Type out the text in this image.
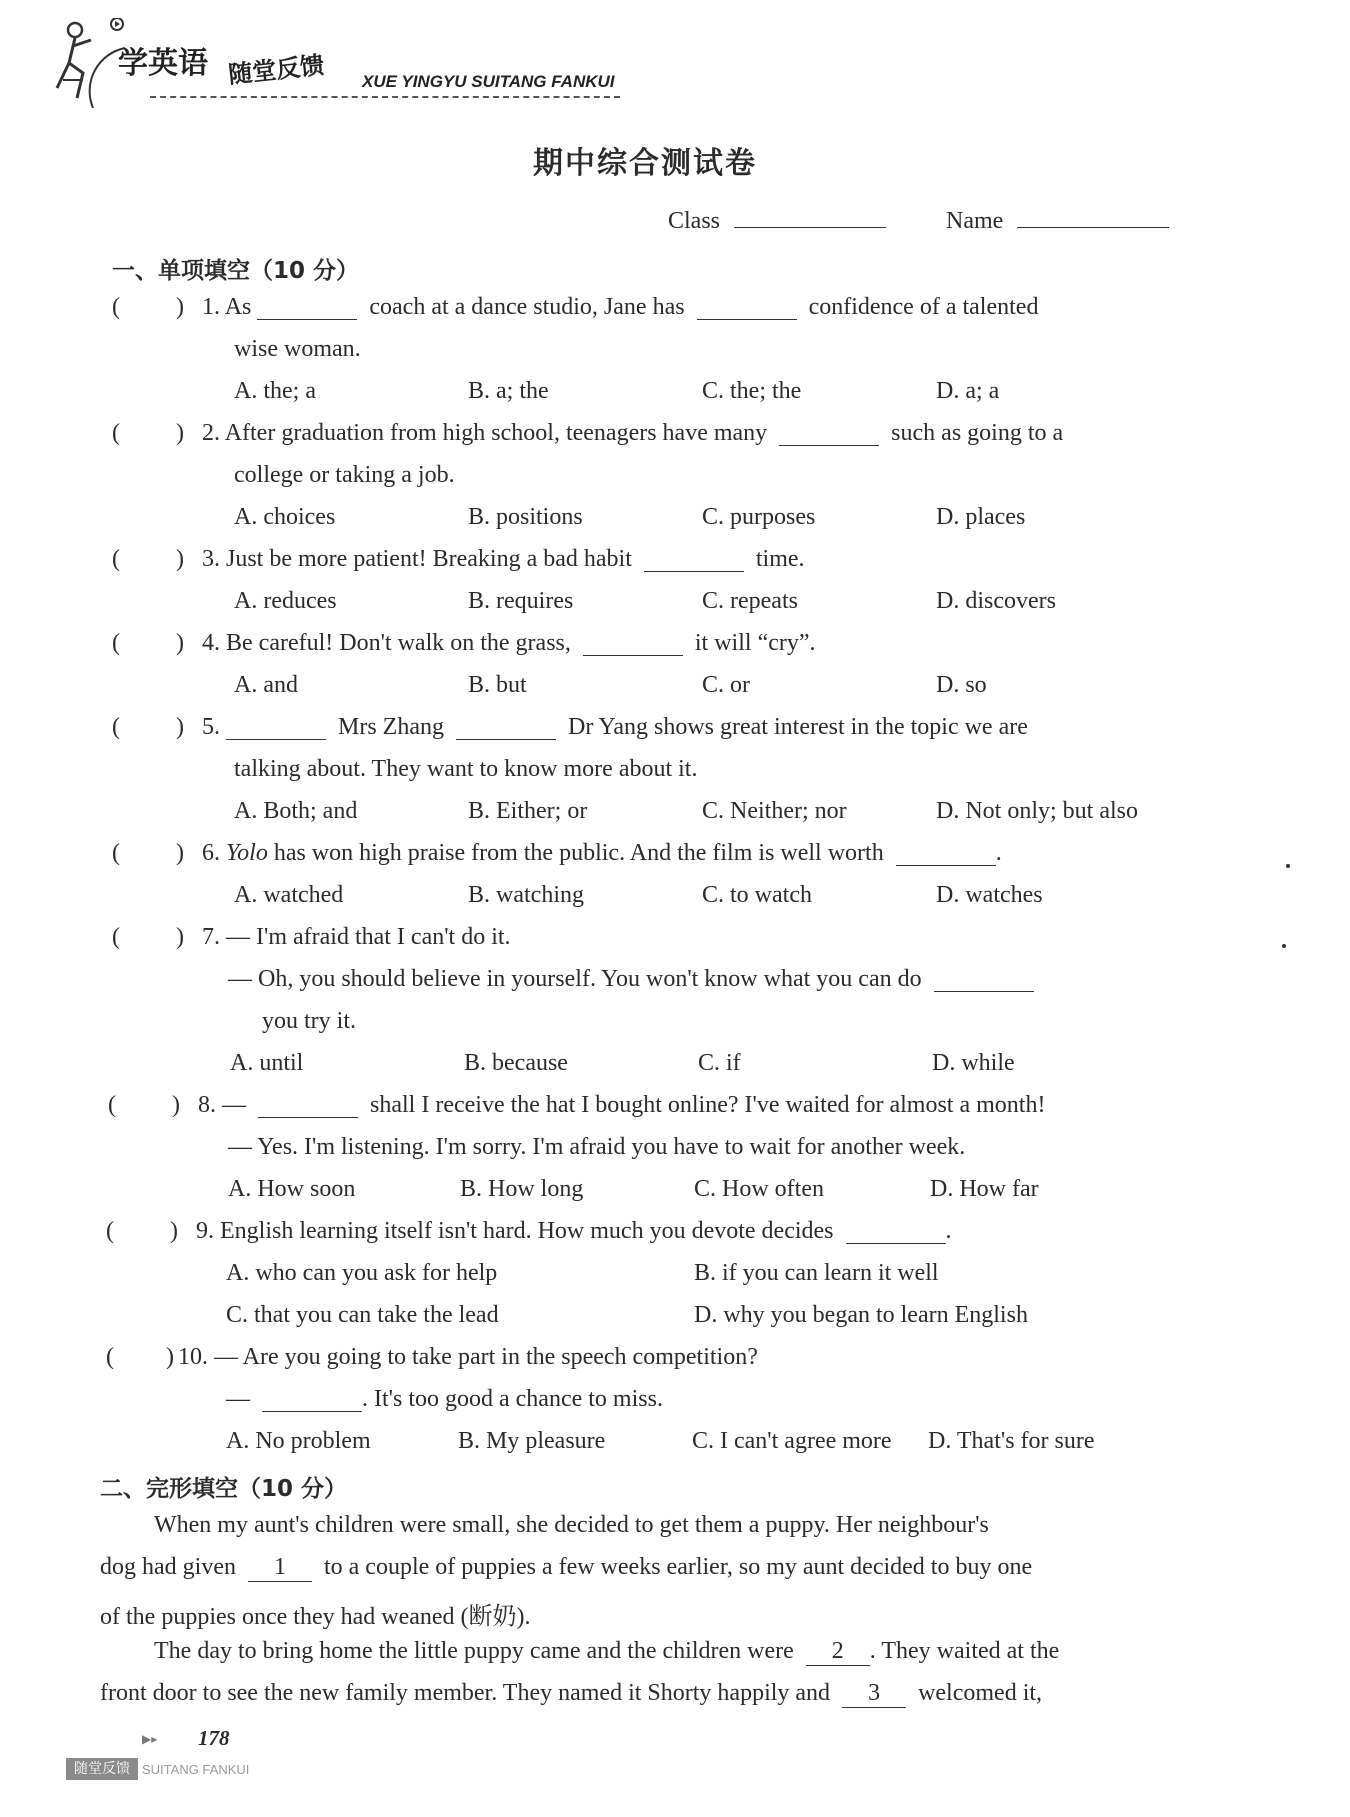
学英语 随堂反馈 XUE YINGYU SUITANG FANKUI
期中综合测试卷
Class	Name
一、单项填空（10 分）
( ) 1. As	coach at a dance studio, Jane has	confidence of a talented
wise woman.
A. the; a	B. a; the	C. the; the	D. a; a
( ) 2. After graduation from high school, teenagers have many	such as going to a
college or taking a job.
A. choices	B. positions	C. purposes	D. places
( ) 3. Just be more patient! Breaking a bad habit	time.
A. reduces	B. requires	C. repeats	D. discovers
( ) 4. Be careful! Don't walk on the grass,	it will “cry”.
A. and	B. but	C. or	D. so
( ) 5.	Mrs Zhang	Dr Yang shows great interest in the topic we are
talking about. They want to know more about it.
A. Both; and	B. Either; or	C. Neither; nor	D. Not only; but also
( ) 6. Yolo has won high praise from the public. And the film is well worth	.
A. watched	B. watching	C. to watch	D. watches
( ) 7. — I'm afraid that I can't do it.
— Oh, you should believe in yourself. You won't know what you can do
you try it.
A. until	B. because	C. if	D. while
( ) 8. —	shall I receive the hat I bought online? I've waited for almost a month!
— Yes. I'm listening. I'm sorry. I'm afraid you have to wait for another week.
A. How soon	B. How long	C. How often	D. How far
( ) 9. English learning itself isn't hard. How much you devote decides	.
A. who can you ask for help	B. if you can learn it well
C. that you can take the lead	D. why you began to learn English
( ) 10. — Are you going to take part in the speech competition?
—	. It's too good a chance to miss.
A. No problem	B. My pleasure	C. I can't agree more D. That's for sure
二、完形填空（10 分）
When my aunt's children were small, she decided to get them a puppy. Her neighbour's
dog had given 1 to a couple of puppies a few weeks earlier, so my aunt decided to buy one
of the puppies once they had weaned (断奶).
The day to bring home the little puppy came and the children were 2 . They waited at the
front door to see the new family member. They named it Shorty happily and 3 welcomed it,
▶▸ 178
随堂反馈 SUITANG FANKUI
